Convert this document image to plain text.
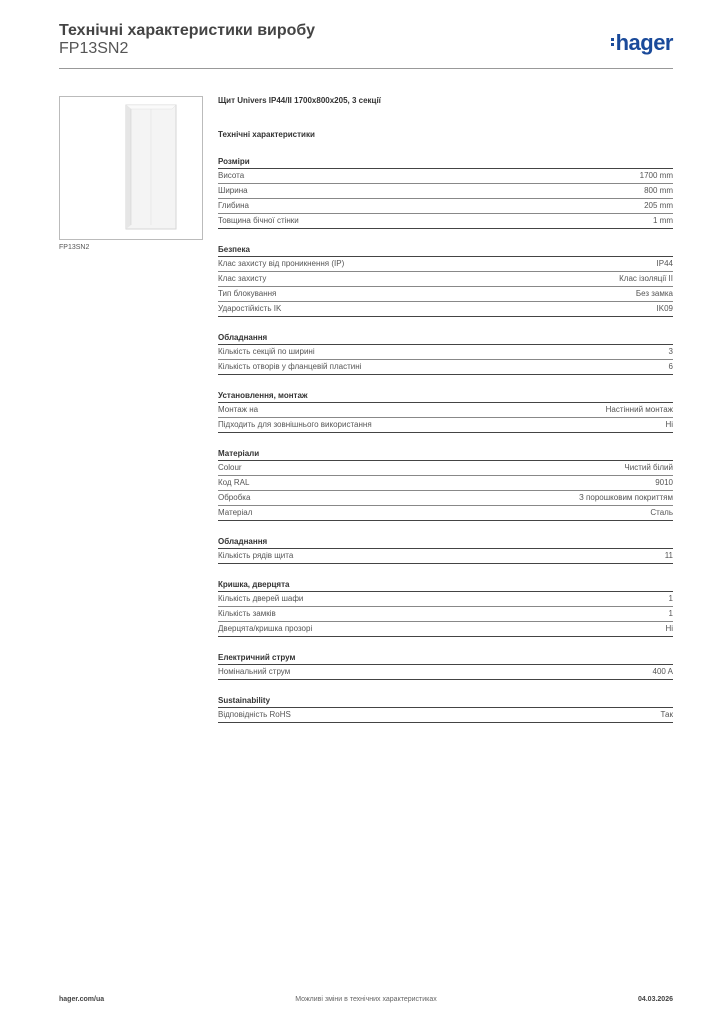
Технічні характеристики виробу
FP13SN2	hager
FP13SN2
Щит Univers IP44/II 1700x800x205, 3 секції
Технічні характеристики
Розміри
Висота	1700 mm
Ширина	800 mm
Глибина	205 mm
Товщина бічної стінки	1 mm
Безпека
Клас захисту від проникнення (IP)	IP44
Клас захисту	Клас ізоляції II
Тип блокування	Без замка
Ударостійкість IK	IK09
Обладнання
Кількість секцій по ширині	3
Кількість отворів у фланцевій пластині	6
Установлення, монтаж
Монтаж на	Настінний монтаж
Підходить для зовнішнього використання	Ні
Матеріали
Colour	Чистий білий
Код RAL	9010
Обробка	З порошковим покриттям
Матеріал	Сталь
Обладнання
Кількість рядів щита	11
Кришка, дверцята
Кількість дверей шафи	1
Кількість замків	1
Дверцята/кришка прозорі	Ні
Електричний струм
Номінальний струм	400 A
Sustainability
Відповідність RoHS	Так
Можливі зміни в технічних характеристиках
hager.com/ua	04.03.2026
